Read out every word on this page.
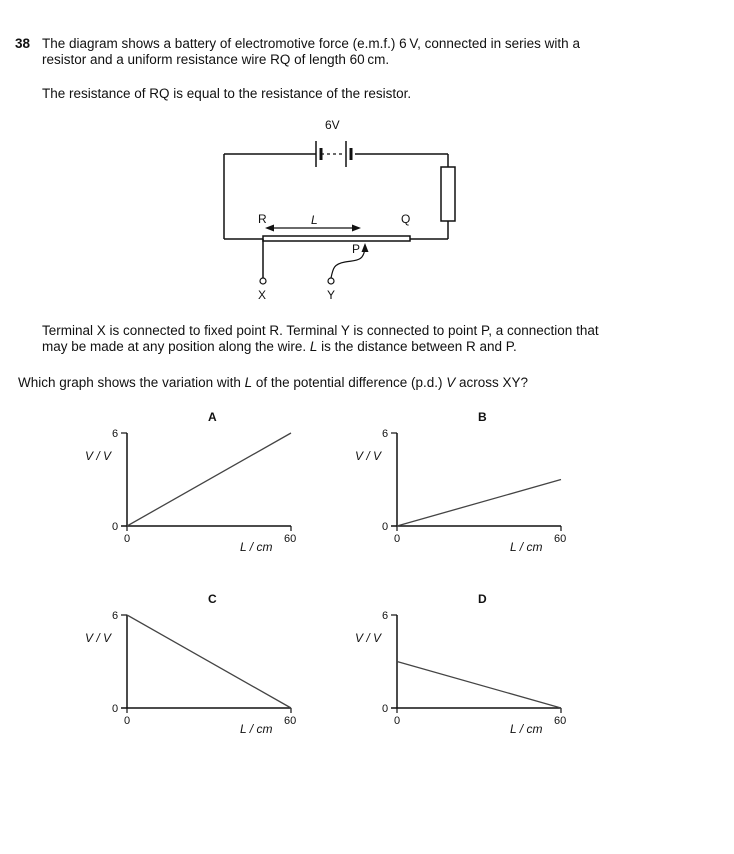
38 The diagram shows a battery of electromotive force (e.m.f.) 6 V, connected in series with a
resistor and a uniform resistance wire RQ of length 60 cm.
The resistance of RQ is equal to the resistance of the resistor.
6V
R	L	Q
P
X	Y
Terminal X is connected to fixed point R. Terminal Y is connected to point P, a connection that
may be made at any position along the wire. L is the distance between R and P.
Which graph shows the variation with L of the potential difference (p.d.) V across XY?
A
6
0
0	60
V / V
L / cm
B
6
0
0	60
V / V
L / cm
C
6
0
0	60
V / V
L / cm
D
6
0
0	60
V / V
L / cm
